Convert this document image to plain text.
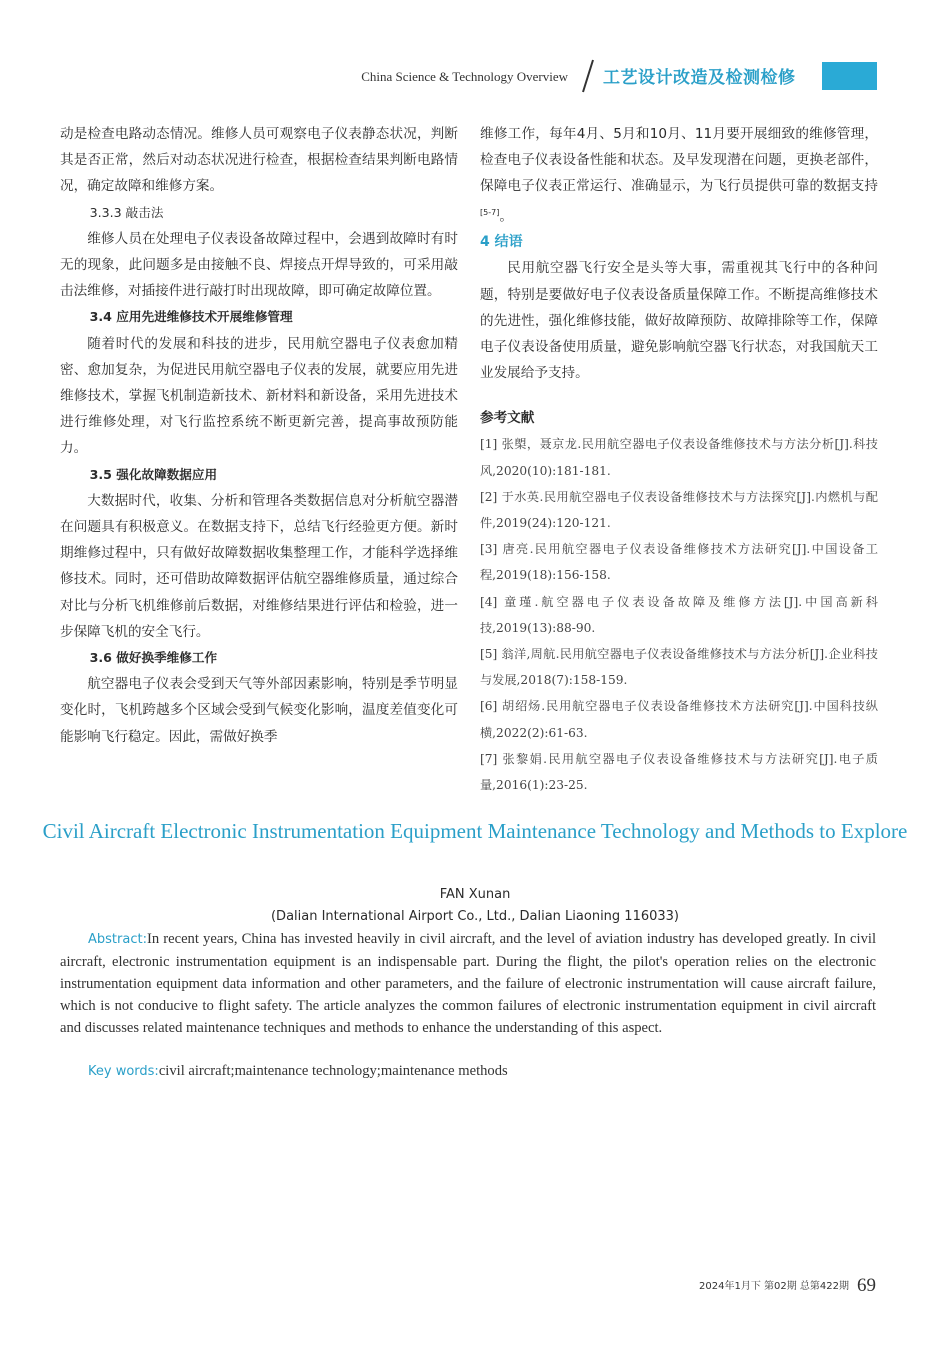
China Science & Technology Overview 工艺设计改造及检测检修

动是检查电路动态情况。维修人员可观察电子仪表静态状况，判断其是否正常，然后对动态状况进行检查，根据检查结果判断电路情况，确定故障和维修方案。

3.3.3 敲击法

维修人员在处理电子仪表设备故障过程中，会遇到故障时有时无的现象，此问题多是由接触不良、焊接点开焊导致的，可采用敲击法维修，对插接件进行敲打时出现故障，即可确定故障位置。

3.4 应用先进维修技术开展维修管理

随着时代的发展和科技的进步，民用航空器电子仪表愈加精密、愈加复杂，为促进民用航空器电子仪表的发展，就要应用先进维修技术，掌握飞机制造新技术、新材料和新设备，采用先进技术进行维修处理，对飞行监控系统不断更新完善，提高事故预防能力。

3.5 强化故障数据应用

大数据时代，收集、分析和管理各类数据信息对分析航空器潜在问题具有积极意义。在数据支持下，总结飞行经验更方便。新时期维修过程中，只有做好故障数据收集整理工作，才能科学选择维修技术。同时，还可借助故障数据评估航空器维修质量，通过综合对比与分析飞机维修前后数据，对维修结果进行评估和检验，进一步保障飞机的安全飞行。

3.6 做好换季维修工作

航空器电子仪表会受到天气等外部因素影响，特别是季节明显变化时，飞机跨越多个区域会受到气候变化影响，温度差值变化可能影响飞行稳定。因此，需做好换季

维修工作，每年4月、5月和10月、11月要开展细致的维修管理，检查电子仪表设备性能和状态。及早发现潜在问题，更换老部件，保障电子仪表正常运行、准确显示，为飞行员提供可靠的数据支持[5-7]。

4 结语

民用航空器飞行安全是头等大事，需重视其飞行中的各种问题，特别是要做好电子仪表设备质量保障工作。不断提高维修技术的先进性，强化维修技能，做好故障预防、故障排除等工作，保障电子仪表设备使用质量，避免影响航空器飞行状态，对我国航天工业发展给予支持。

参考文献

[1] 张㮾，聂京龙.民用航空器电子仪表设备维修技术与方法分析[J].科技风,2020(10):181-181.

[2] 于水英.民用航空器电子仪表设备维修技术与方法探究[J].内燃机与配件,2019(24):120-121.

[3] 唐亮.民用航空器电子仪表设备维修技术方法研究[J].中国设备工程,2019(18):156-158.

[4] 童瑾.航空器电子仪表设备故障及维修方法[J].中国高新科技,2019(13):88-90.

[5] 翁洋,周航.民用航空器电子仪表设备维修技术与方法分析[J].企业科技与发展,2018(7):158-159.

[6] 胡绍炀.民用航空器电子仪表设备维修技术方法研究[J].中国科技纵横,2022(2):61-63.

[7] 张黎娟.民用航空器电子仪表设备维修技术与方法研究[J].电子质量,2016(1):23-25.

Civil Aircraft Electronic Instrumentation Equipment Maintenance Technology and Methods to Explore

FAN Xunan

(Dalian International Airport Co., Ltd., Dalian Liaoning 116033)

Abstract:In recent years, China has invested heavily in civil aircraft, and the level of aviation industry has developed greatly. In civil aircraft, electronic instrumentation equipment is an indispensable part. During the flight, the pilot's operation relies on the electronic instrumentation equipment data information and other parameters, and the failure of electronic instrumentation will cause aircraft failure, which is not conducive to flight safety. The article analyzes the common failures of electronic instrumentation equipment in civil aircraft and discusses related maintenance techniques and methods to enhance the understanding of this aspect.

Key words:civil aircraft;maintenance technology;maintenance methods

2024年1月下 第02期 总第422期 69
